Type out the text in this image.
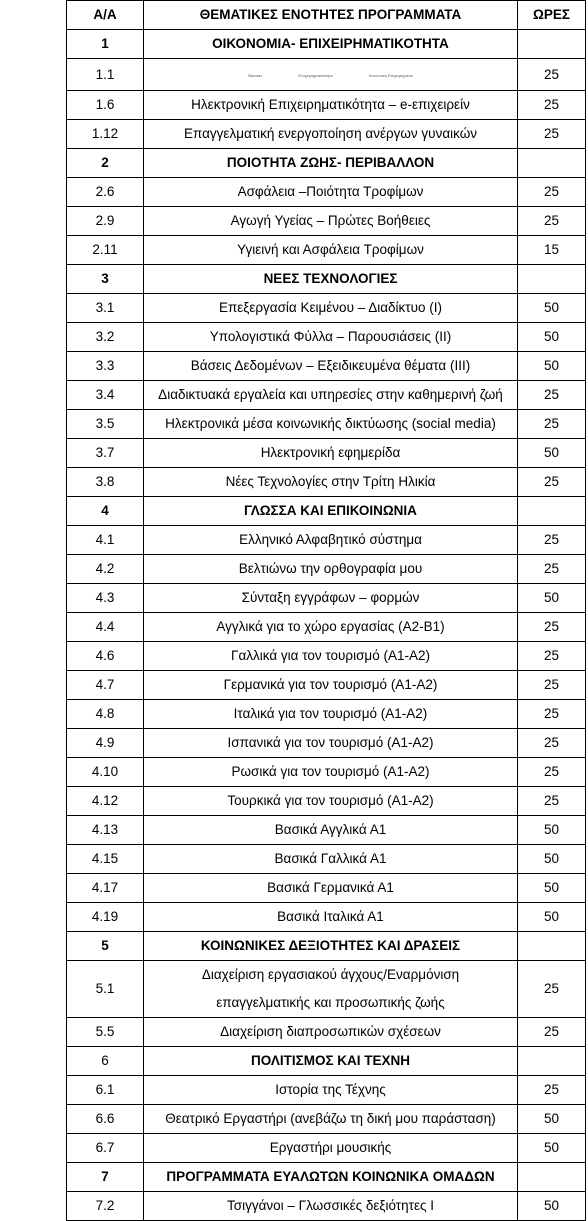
Α/Α	ΘΕΜΑΤΙΚΕΣ ΕΝΟΤΗΤΕΣ ΠΡΟΓΡΑΜΜΑΤΑ	ΩΡΕΣ
1	ΟΙΚΟΝΟΜΙΑ- ΕΠΙΧΕΙΡΗΜΑΤΙΚΟΤΗΤΑ	
1.1	Βασικές Επιχειρηματικότητα Κοινωνική Επιχειρηματικ	25
1.6	Ηλεκτρονική Επιχειρηματικότητα – e-επιχειρείν	25
1.12	Επαγγελματική ενεργοποίηση ανέργων γυναικών	25
2	ΠΟΙΟΤΗΤΑ ΖΩΗΣ- ΠΕΡΙΒΑΛΛΟΝ	
2.6	Ασφάλεια –Ποιότητα Τροφίμων	25
2.9	Αγωγή Υγείας – Πρώτες Βοήθειες	25
2.11	Υγιεινή και Ασφάλεια Τροφίμων	15
3	ΝΕΕΣ ΤΕΧΝΟΛΟΓΙΕΣ	
3.1	Επεξεργασία Κειμένου – Διαδίκτυο (Ι)	50
3.2	Υπολογιστικά Φύλλα – Παρουσιάσεις (ΙΙ)	50
3.3	Βάσεις Δεδομένων – Εξειδικευμένα θέματα (ΙΙΙ)	50
3.4	Διαδικτυακά εργαλεία και υπηρεσίες στην καθημερινή ζωή	25
3.5	Ηλεκτρονικά μέσα κοινωνικής δικτύωσης (social media)	25
3.7	Ηλεκτρονική εφημερίδα	50
3.8	Νέες Τεχνολογίες στην Τρίτη Ηλικία	25
4	ΓΛΩΣΣΑ ΚΑΙ ΕΠΙΚΟΙΝΩΝΙΑ	
4.1	Ελληνικό Αλφαβητικό σύστημα	25
4.2	Βελτιώνω την ορθογραφία μου	25
4.3	Σύνταξη εγγράφων – φορμών	50
4.4	Αγγλικά για το χώρο εργασίας (Α2-Β1)	25
4.6	Γαλλικά για τον τουρισμό (Α1-Α2)	25
4.7	Γερμανικά για τον τουρισμό (Α1-Α2)	25
4.8	Ιταλικά για τον τουρισμό (Α1-Α2)	25
4.9	Ισπανικά για τον τουρισμό (Α1-Α2)	25
4.10	Ρωσικά για τον τουρισμό (Α1-Α2)	25
4.12	Τουρκικά για τον τουρισμό (Α1-Α2)	25
4.13	Βασικά Αγγλικά Α1	50
4.15	Βασικά Γαλλικά Α1	50
4.17	Βασικά Γερμανικά Α1	50
4.19	Βασικά Ιταλικά Α1	50
5	ΚΟΙΝΩΝΙΚΕΣ ΔΕΞΙΟΤΗΤΕΣ ΚΑΙ ΔΡΑΣΕΙΣ	
5.1	Διαχείριση εργασιακού άγχους/Εναρμόνιση
επαγγελματικής και προσωπικής ζωής	25
5.5	Διαχείριση διαπροσωπικών σχέσεων	25
6	ΠΟΛΙΤΙΣΜΟΣ ΚΑΙ ΤΕΧΝΗ	
6.1	Ιστορία της Τέχνης	25
6.6	Θεατρικό Εργαστήρι (ανεβάζω τη δική μου παράσταση)	50
6.7	Εργαστήρι μουσικής	50
7	ΠΡΟΓΡΑΜΜΑΤΑ ΕΥΑΛΩΤΩΝ ΚΟΙΝΩΝΙΚΑ ΟΜΑΔΩΝ	
7.2	Τσιγγάνοι – Γλωσσικές δεξιότητες Ι	50
